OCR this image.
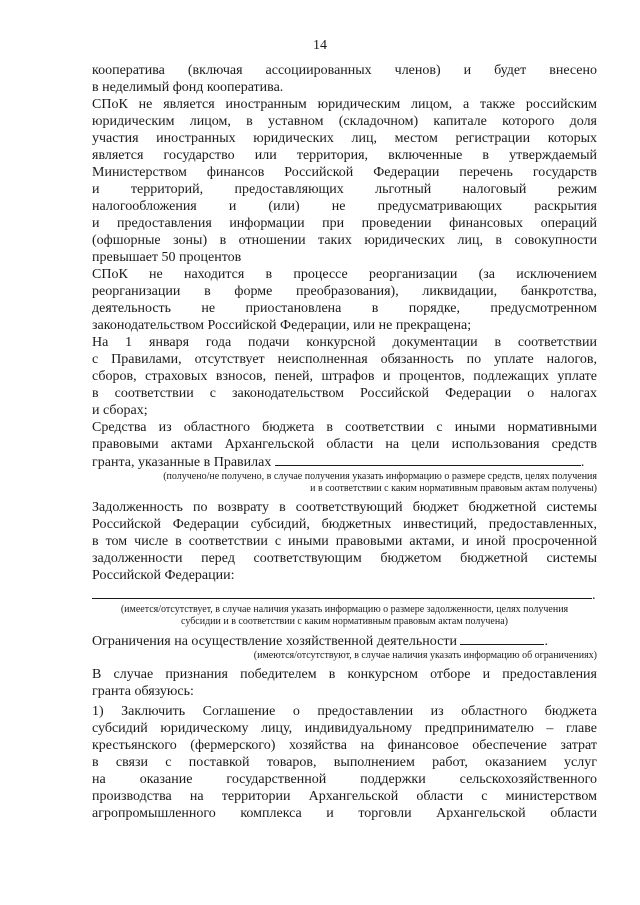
14
кооператива (включая ассоциированных членов) и будет внесено
в неделимый фонд кооператива.
СПоК не является иностранным юридическим лицом, а также российским
юридическим лицом, в уставном (складочном) капитале которого доля
участия иностранных юридических лиц, местом регистрации которых
является государство или территория, включенные в утверждаемый
Министерством финансов Российской Федерации перечень государств
и территорий, предоставляющих льготный налоговый режим
налогообложения и (или) не предусматривающих раскрытия
и предоставления информации при проведении финансовых операций
(офшорные зоны) в отношении таких юридических лиц, в совокупности
превышает 50 процентов
СПоК не находится в процессе реорганизации (за исключением
реорганизации в форме преобразования), ликвидации, банкротства,
деятельность не приостановлена в порядке, предусмотренном
законодательством Российской Федерации, или не прекращена;
На 1 января года подачи конкурсной документации в соответствии
с Правилами, отсутствует неисполненная обязанность по уплате налогов,
сборов, страховых взносов, пеней, штрафов и процентов, подлежащих уплате
в соответствии с законодательством Российской Федерации о налогах
и сборах;
Средства из областного бюджета в соответствии с иными нормативными
правовыми актами Архангельской области на цели использования средств
гранта, указанные в Правилах	.
(получено/не получено, в случае получения указать информацию о размере средств, целях получения
и в соответствии с каким нормативным правовым актам получены)
Задолженность по возврату в соответствующий бюджет бюджетной системы
Российской Федерации субсидий, бюджетных инвестиций, предоставленных,
в том числе в соответствии с иными правовыми актами, и иной просроченной
задолженности перед соответствующим бюджетом бюджетной системы
Российской Федерации:
.
(имеется/отсутствует, в случае наличия указать информацию о размере задолженности, целях получения
субсидии и в соответствии с каким нормативным правовым актам получена)
Ограничения на осуществление хозяйственной деятельности	.
(имеются/отсутствуют, в случае наличия указать информацию об ограничениях)
В случае признания победителем в конкурсном отборе и предоставления
гранта обязуюсь:
1) Заключить Соглашение о предоставлении из областного бюджета
субсидий юридическому лицу, индивидуальному предпринимателю – главе
крестьянского (фермерского) хозяйства на финансовое обеспечение затрат
в связи с поставкой товаров, выполнением работ, оказанием услуг
на оказание государственной поддержки сельскохозяйственного
производства на территории Архангельской области с министерством
агропромышленного комплекса и торговли Архангельской области
